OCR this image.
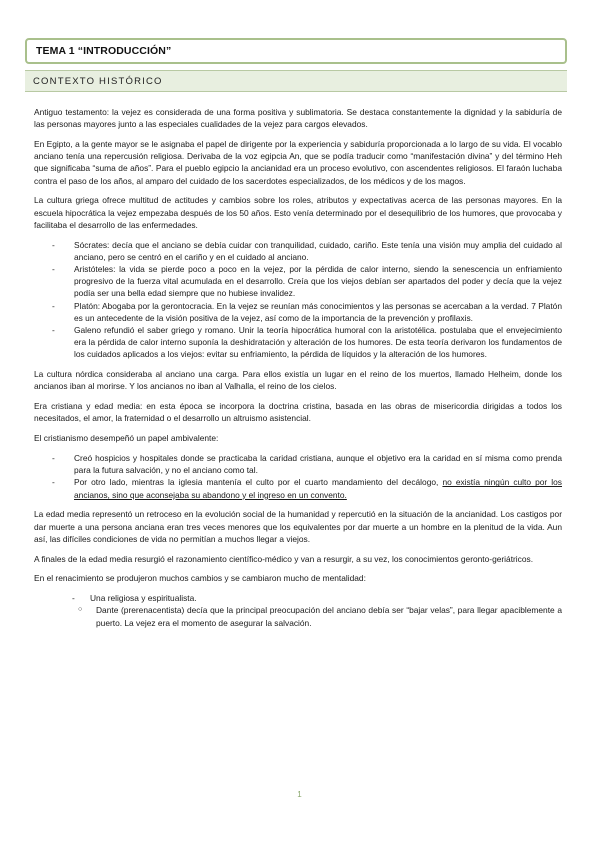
TEMA 1 “INTRODUCCIÓN”
CONTEXTO HISTÓRICO

Antiguo testamento: la vejez es considerada de una forma positiva y sublimatoria. Se destaca constantemente la dignidad y la sabiduría de las personas mayores junto a las especiales cualidades de la vejez para cargos elevados.

En Egipto, a la gente mayor se le asignaba el papel de dirigente por la experiencia y sabiduría proporcionada a lo largo de su vida. El vocablo anciano tenía una repercusión religiosa. Derivaba de la voz egipcia An, que se podía traducir como “manifestación divina” y del término Heh que significaba “suma de años”. Para el pueblo egipcio la ancianidad era un proceso evolutivo, con ascendentes religiosos. El faraón luchaba contra el paso de los años, al amparo del cuidado de los sacerdotes especializados, de los médicos y de los magos.

La cultura griega ofrece multitud de actitudes y cambios sobre los roles, atributos y expectativas acerca de las personas mayores. En la escuela hipocrática la vejez empezaba después de los 50 años. Esto venía determinado por el desequilibrio de los humores, que provocaba y facilitaba el desarrollo de las enfermedades.

- Sócrates: decía que el anciano se debía cuidar con tranquilidad, cuidado, cariño. Este tenía una visión muy amplia del cuidado al anciano, pero se centró en el cariño y en el cuidado al anciano.
- Aristóteles: la vida se pierde poco a poco en la vejez, por la pérdida de calor interno, siendo la senescencia un enfriamiento progresivo de la fuerza vital acumulada en el desarrollo. Creía que los viejos debían ser apartados del poder y decía que la vejez podía ser una bella edad siempre que no hubiese invalidez.
- Platón: Abogaba por la gerontocracia. En la vejez se reunían más conocimientos y las personas se acercaban a la verdad. 7 Platón es un antecedente de la visión positiva de la vejez, así como de la importancia de la prevención y profilaxis.
- Galeno refundió el saber griego y romano. Unir la teoría hipocrática humoral con la aristotélica. postulaba que el envejecimiento era la pérdida de calor interno suponía la deshidratación y alteración de los humores. De esta teoría derivaron los fundamentos de los cuidados aplicados a los viejos: evitar su enfriamiento, la pérdida de líquidos y la alteración de los humores.

La cultura nórdica consideraba al anciano una carga. Para ellos existía un lugar en el reino de los muertos, llamado Helheim, donde los ancianos iban al morirse. Y los ancianos no iban al Valhalla, el reino de los cielos.

Era cristiana y edad media: en esta época se incorpora la doctrina cristina, basada en las obras de misericordia dirigidas a todos los necesitados, el amor, la fraternidad o el desarrollo un altruismo asistencial.

El cristianismo desempeñó un papel ambivalente:

- Creó hospicios y hospitales donde se practicaba la caridad cristiana, aunque el objetivo era la caridad en sí misma como prenda para la futura salvación, y no el anciano como tal.
- Por otro lado, mientras la iglesia mantenía el culto por el cuarto mandamiento del decálogo, no existía ningún culto por los ancianos, sino que aconsejaba su abandono y el ingreso en un convento.

La edad media representó un retroceso en la evolución social de la humanidad y repercutió en la situación de la ancianidad. Los castigos por dar muerte a una persona anciana eran tres veces menores que los equivalentes por dar muerte a un hombre en la plenitud de la vida. Aun así, las difíciles condiciones de vida no permitían a muchos llegar a viejos.

A finales de la edad media resurgió el razonamiento científico-médico y van a resurgir, a su vez, los conocimientos geronto-geriátricos.

En el renacimiento se produjeron muchos cambios y se cambiaron mucho de mentalidad:

- Una religiosa y espiritualista.
○ Dante (prerenacentista) decía que la principal preocupación del anciano debía ser “bajar velas”, para llegar apaciblemente a puerto. La vejez era el momento de asegurar la salvación.
1
